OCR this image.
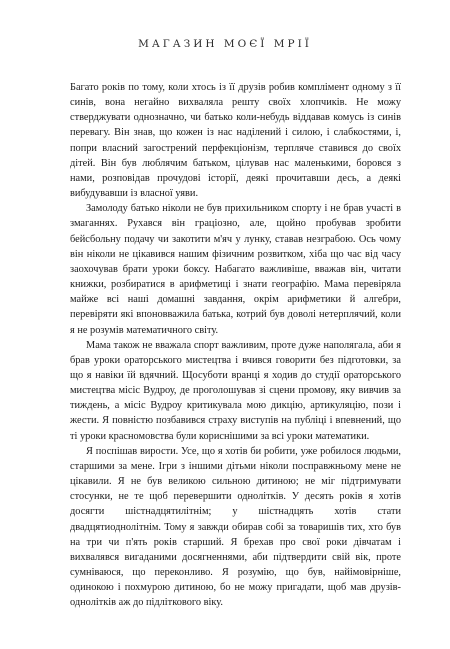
МАГАЗИН МОЄЇ МРІЇ

Багато років по тому, коли хтось із її друзів робив комплімент одному з її синів, вона негайно вихваляла решту своїх хлопчиків. Не можу стверджувати однозначно, чи батько коли-небудь віддавав комусь із синів перевагу. Він знав, що кожен із нас наділений і силою, і слабкостями, і, попри власний загострений перфекціонізм, терпляче ставився до своїх дітей. Він був люблячим батьком, цілував нас маленькими, боровся з нами, розповідав прочудові історії, деякі прочитавши десь, а деякі вибудувавши із власної уяви.

Замолоду батько ніколи не був прихильником спорту і не брав участі в змаганнях. Рухався він граціозно, але, щойно пробував зробити бейсбольну подачу чи закотити м'яч у лунку, ставав незграбою. Ось чому він ніколи не цікавився нашим фізичним розвитком, хіба що час від часу заохочував брати уроки боксу. Набагато важливіше, вважав він, читати книжки, розбиратися в арифметиці і знати географію. Мама перевіряла майже всі наші домашні завдання, окрім арифметики й алгебри, перевіряти які впоновважила батька, котрий був доволі нетерплячий, коли я не розумів математичного світу.

Мама також не вважала спорт важливим, проте дуже наполягала, аби я брав уроки ораторського мистецтва і вчився говорити без підготовки, за що я навіки їй вдячний. Щосуботи вранці я ходив до студії ораторського мистецтва місіс Вудроу, де проголошував зі сцени промову, яку вивчив за тиждень, а місіс Вудроу критикувала мою дикцію, артикуляцію, пози і жести. Я повністю позбавився страху виступів на публіці і впевнений, що ті уроки красномовства були кориснішими за всі уроки математики.

Я поспішав вирости. Усе, що я хотів би робити, уже робилося людьми, старшими за мене. Ігри з іншими дітьми ніколи посправжньому мене не цікавили. Я не був великою сильною дитиною; не міг підтримувати стосунки, не те щоб перевершити однолітків. У десять років я хотів досягти шістнадцятилітнім; у шістнадцять хотів стати двадцятиоднолітнім. Тому я завжди обирав собі за товаришів тих, хто був на три чи п'ять років старший. Я брехав про свої роки дівчатам і вихвалявся вигаданими досягненнями, аби підтвердити свій вік, проте сумніваюся, що переконливо. Я розумію, що був, найімовірніше, одинокою і похмурою дитиною, бо не можу пригадати, щоб мав друзів-однолітків аж до підліткового віку.
